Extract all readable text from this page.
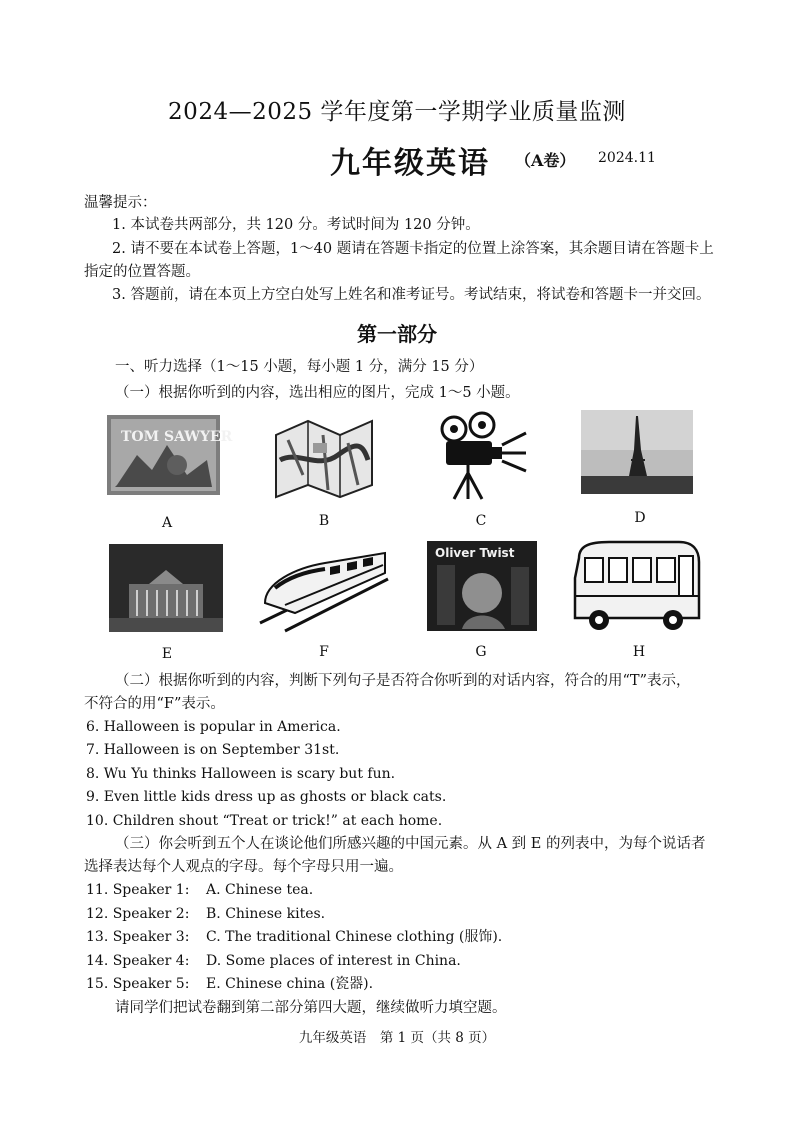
2024—2025 学年度第一学期学业质量监测
九年级英语 （A卷） 2024.11
温馨提示：
1. 本试卷共两部分，共 120 分。考试时间为 120 分钟。
2. 请不要在本试卷上答题，1～40 题请在答题卡指定的位置上涂答案，其余题目请在答题卡上
指定的位置答题。
3. 答题前，请在本页上方空白处写上姓名和准考证号。考试结束，将试卷和答题卡一并交回。
第一部分
一、听力选择（1～15 小题，每小题 1 分，满分 15 分）
（一）根据你听到的内容，选出相应的图片，完成 1～5 小题。
TOM SAWYER
A	B	C	D
Oliver Twist
E	F	G	H
（二）根据你听到的内容，判断下列句子是否符合你听到的对话内容，符合的用“T”表示，
不符合的用“F”表示。
6. Halloween is popular in America.
7. Halloween is on September 31st.
8. Wu Yu thinks Halloween is scary but fun.
9. Even little kids dress up as ghosts or black cats.
10. Children shout “Treat or trick!” at each home.
（三）你会听到五个人在谈论他们所感兴趣的中国元素。从 A 到 E 的列表中，为每个说话者
选择表达每个人观点的字母。每个字母只用一遍。
11. Speaker 1: A. Chinese tea.
12. Speaker 2: B. Chinese kites.
13. Speaker 3: C. The traditional Chinese clothing (服饰).
14. Speaker 4: D. Some places of interest in China.
15. Speaker 5: E. Chinese china (瓷器).
请同学们把试卷翻到第二部分第四大题，继续做听力填空题。
九年级英语　第 1 页（共 8 页）
